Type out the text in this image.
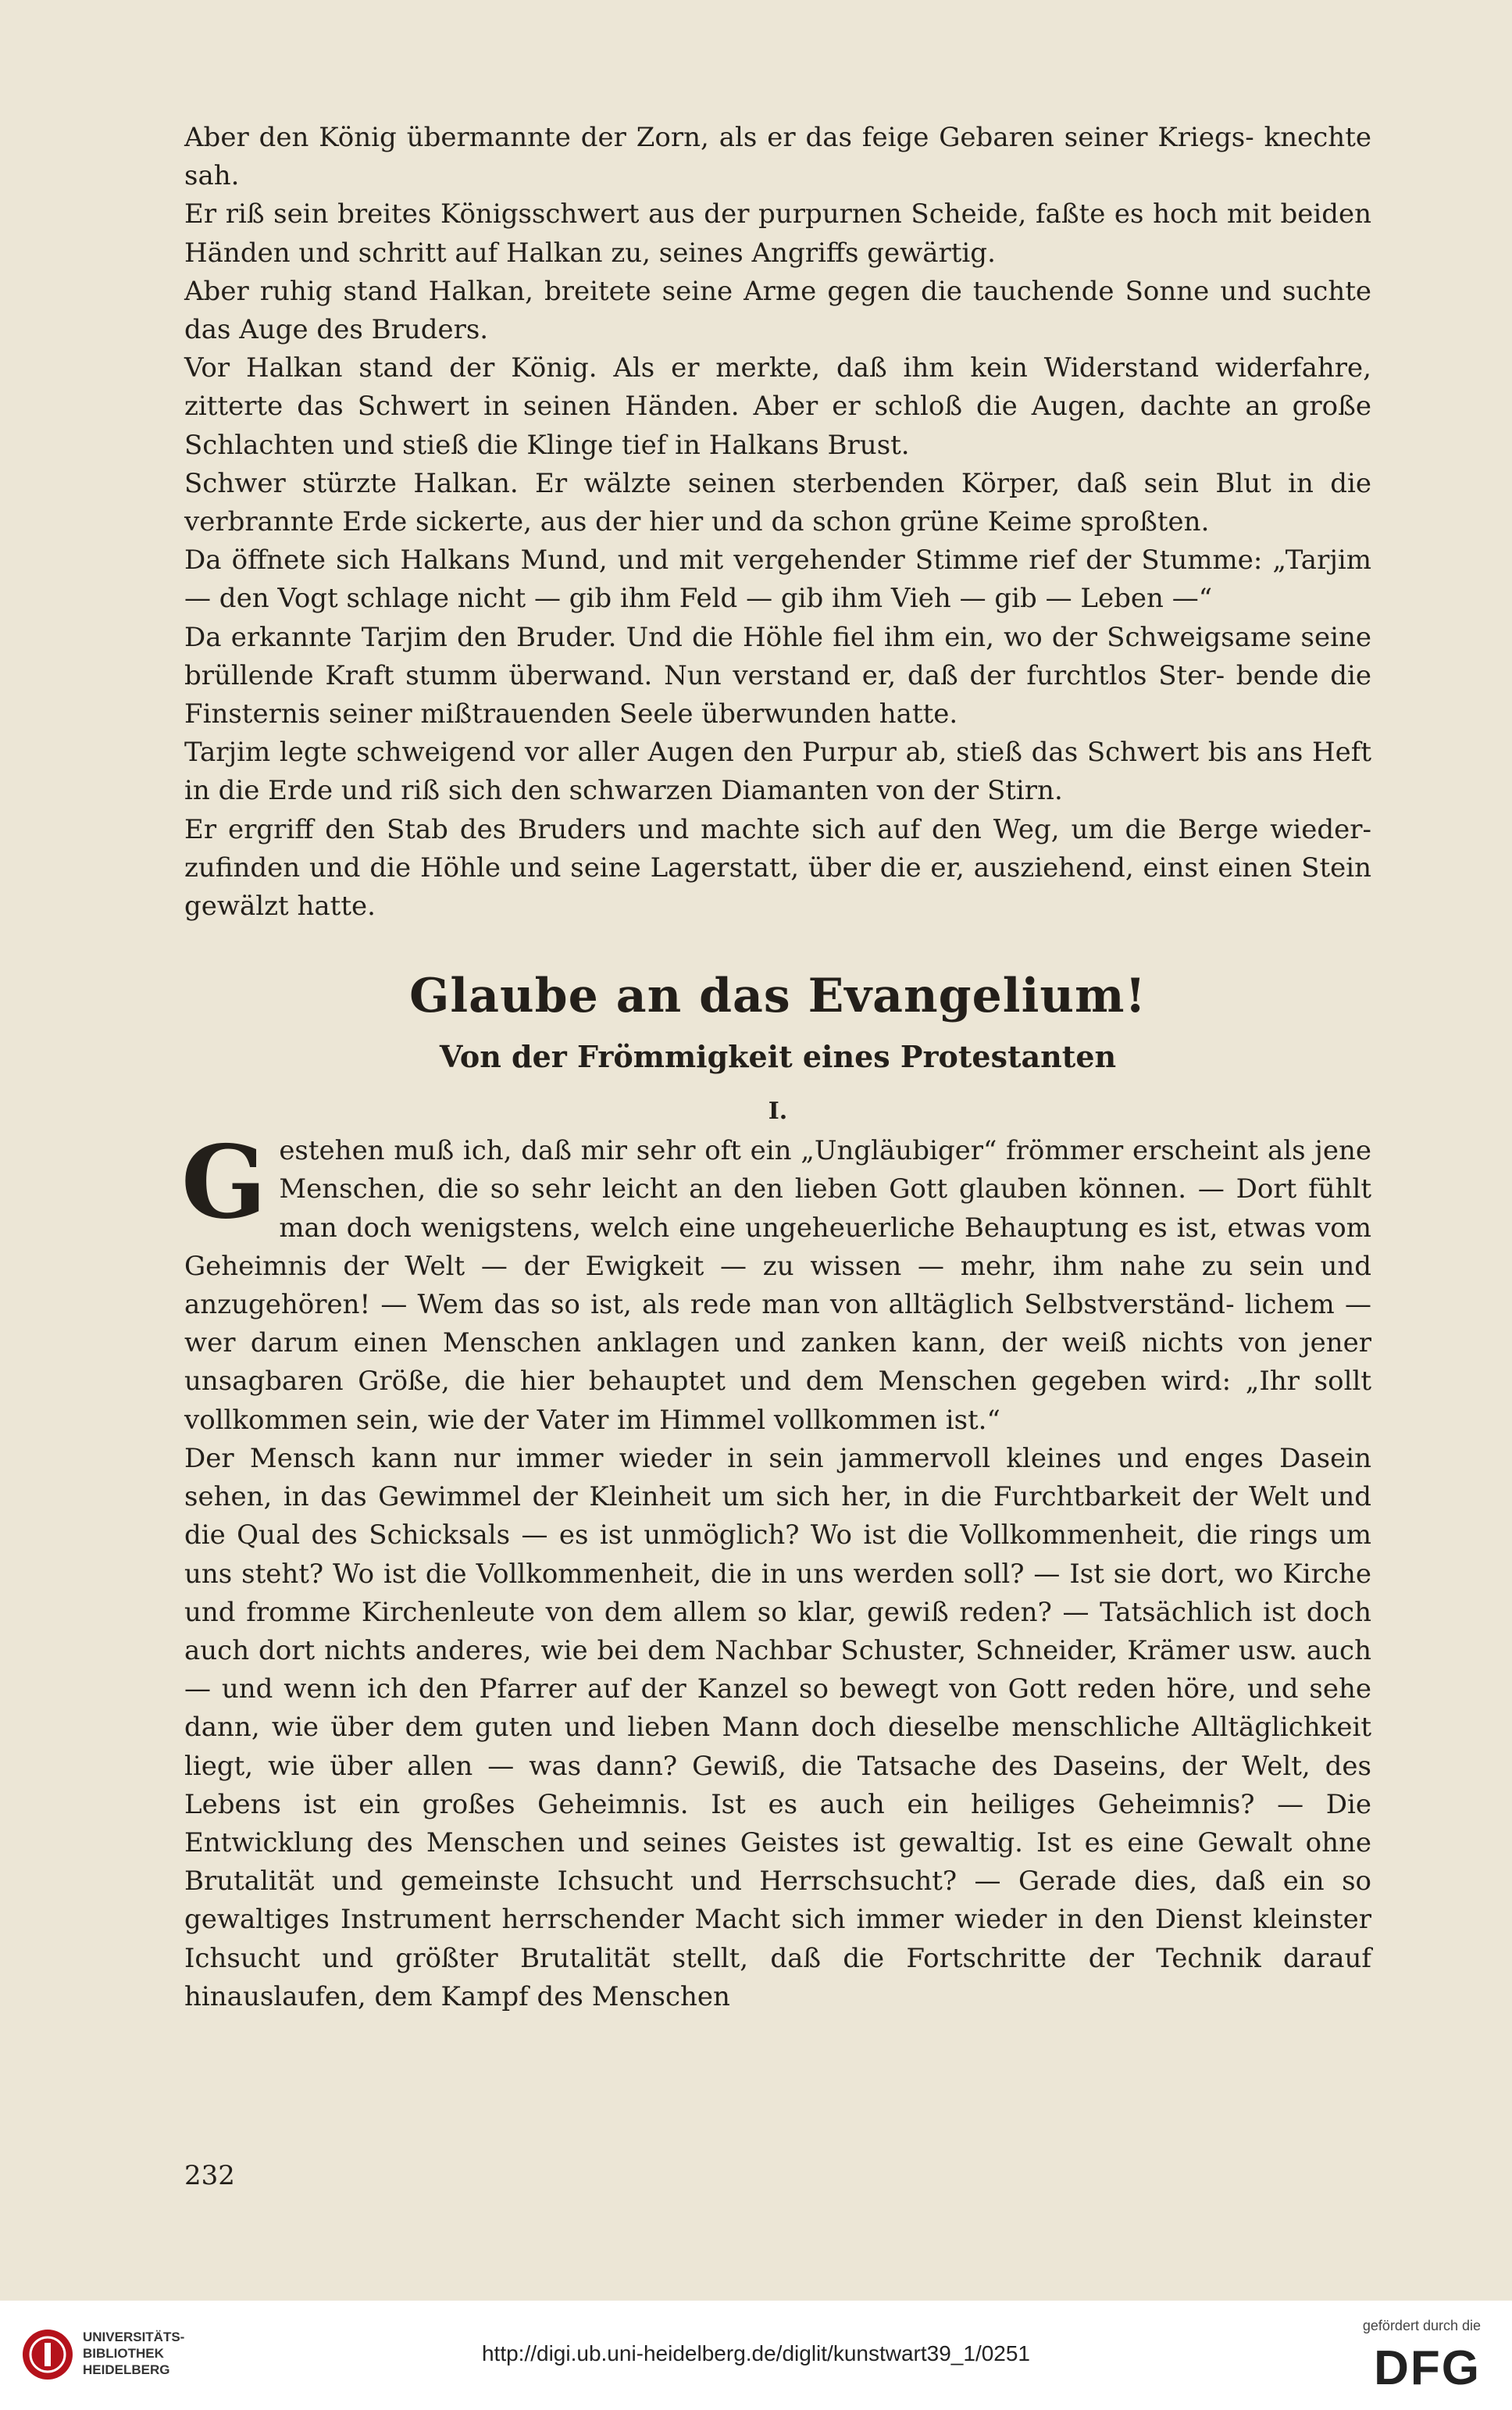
Aber den König übermannte der Zorn, als er das feige Gebaren seiner Kriegs- knechte sah.

Er riß sein breites Königsschwert aus der purpurnen Scheide, faßte es hoch mit beiden Händen und schritt auf Halkan zu, seines Angriffs gewärtig.

Aber ruhig stand Halkan, breitete seine Arme gegen die tauchende Sonne und suchte das Auge des Bruders.

Vor Halkan stand der König. Als er merkte, daß ihm kein Widerstand widerfahre, zitterte das Schwert in seinen Händen. Aber er schloß die Augen, dachte an große Schlachten und stieß die Klinge tief in Halkans Brust.

Schwer stürzte Halkan. Er wälzte seinen sterbenden Körper, daß sein Blut in die verbrannte Erde sickerte, aus der hier und da schon grüne Keime sproßten.

Da öffnete sich Halkans Mund, und mit vergehender Stimme rief der Stumme: „Tarjim — den Vogt schlage nicht — gib ihm Feld — gib ihm Vieh — gib — Leben —“

Da erkannte Tarjim den Bruder. Und die Höhle fiel ihm ein, wo der Schweigsame seine brüllende Kraft stumm überwand. Nun verstand er, daß der furchtlos Ster- bende die Finsternis seiner mißtrauenden Seele überwunden hatte.

Tarjim legte schweigend vor aller Augen den Purpur ab, stieß das Schwert bis ans Heft in die Erde und riß sich den schwarzen Diamanten von der Stirn.

Er ergriff den Stab des Bruders und machte sich auf den Weg, um die Berge wieder- zufinden und die Höhle und seine Lagerstatt, über die er, ausziehend, einst einen Stein gewälzt hatte.

Glaube an das Evangelium!
Von der Frömmigkeit eines Protestanten
I.

Gestehen muß ich, daß mir sehr oft ein „Ungläubiger“ frömmer erscheint als jene Menschen, die so sehr leicht an den lieben Gott glauben können. — Dort fühlt man doch wenigstens, welch eine ungeheuerliche Behauptung es ist, etwas vom Geheimnis der Welt — der Ewigkeit — zu wissen — mehr, ihm nahe zu sein und anzugehören! — Wem das so ist, als rede man von alltäglich Selbstverständ- lichem — wer darum einen Menschen anklagen und zanken kann, der weiß nichts von jener unsagbaren Größe, die hier behauptet und dem Menschen gegeben wird: „Ihr sollt vollkommen sein, wie der Vater im Himmel vollkommen ist.“

Der Mensch kann nur immer wieder in sein jammervoll kleines und enges Dasein sehen, in das Gewimmel der Kleinheit um sich her, in die Furchtbarkeit der Welt und die Qual des Schicksals — es ist unmöglich? Wo ist die Vollkommenheit, die rings um uns steht? Wo ist die Vollkommenheit, die in uns werden soll? — Ist sie dort, wo Kirche und fromme Kirchenleute von dem allem so klar, gewiß reden? — Tatsächlich ist doch auch dort nichts anderes, wie bei dem Nachbar Schuster, Schneider, Krämer usw. auch — und wenn ich den Pfarrer auf der Kanzel so bewegt von Gott reden höre, und sehe dann, wie über dem guten und lieben Mann doch dieselbe menschliche Alltäglichkeit liegt, wie über allen — was dann? Gewiß, die Tatsache des Daseins, der Welt, des Lebens ist ein großes Geheimnis. Ist es auch ein heiliges Geheimnis? — Die Entwicklung des Menschen und seines Geistes ist gewaltig. Ist es eine Gewalt ohne Brutalität und gemeinste Ichsucht und Herrschsucht? — Gerade dies, daß ein so gewaltiges Instrument herrschender Macht sich immer wieder in den Dienst kleinster Ichsucht und größter Brutalität stellt, daß die Fortschritte der Technik darauf hinauslaufen, dem Kampf des Menschen

232
UNIVERSITÄTS-
BIBLIOTHEK
HEIDELBERG
http://digi.ub.uni-heidelberg.de/diglit/kunstwart39_1/0251
gefördert durch die
DFG
